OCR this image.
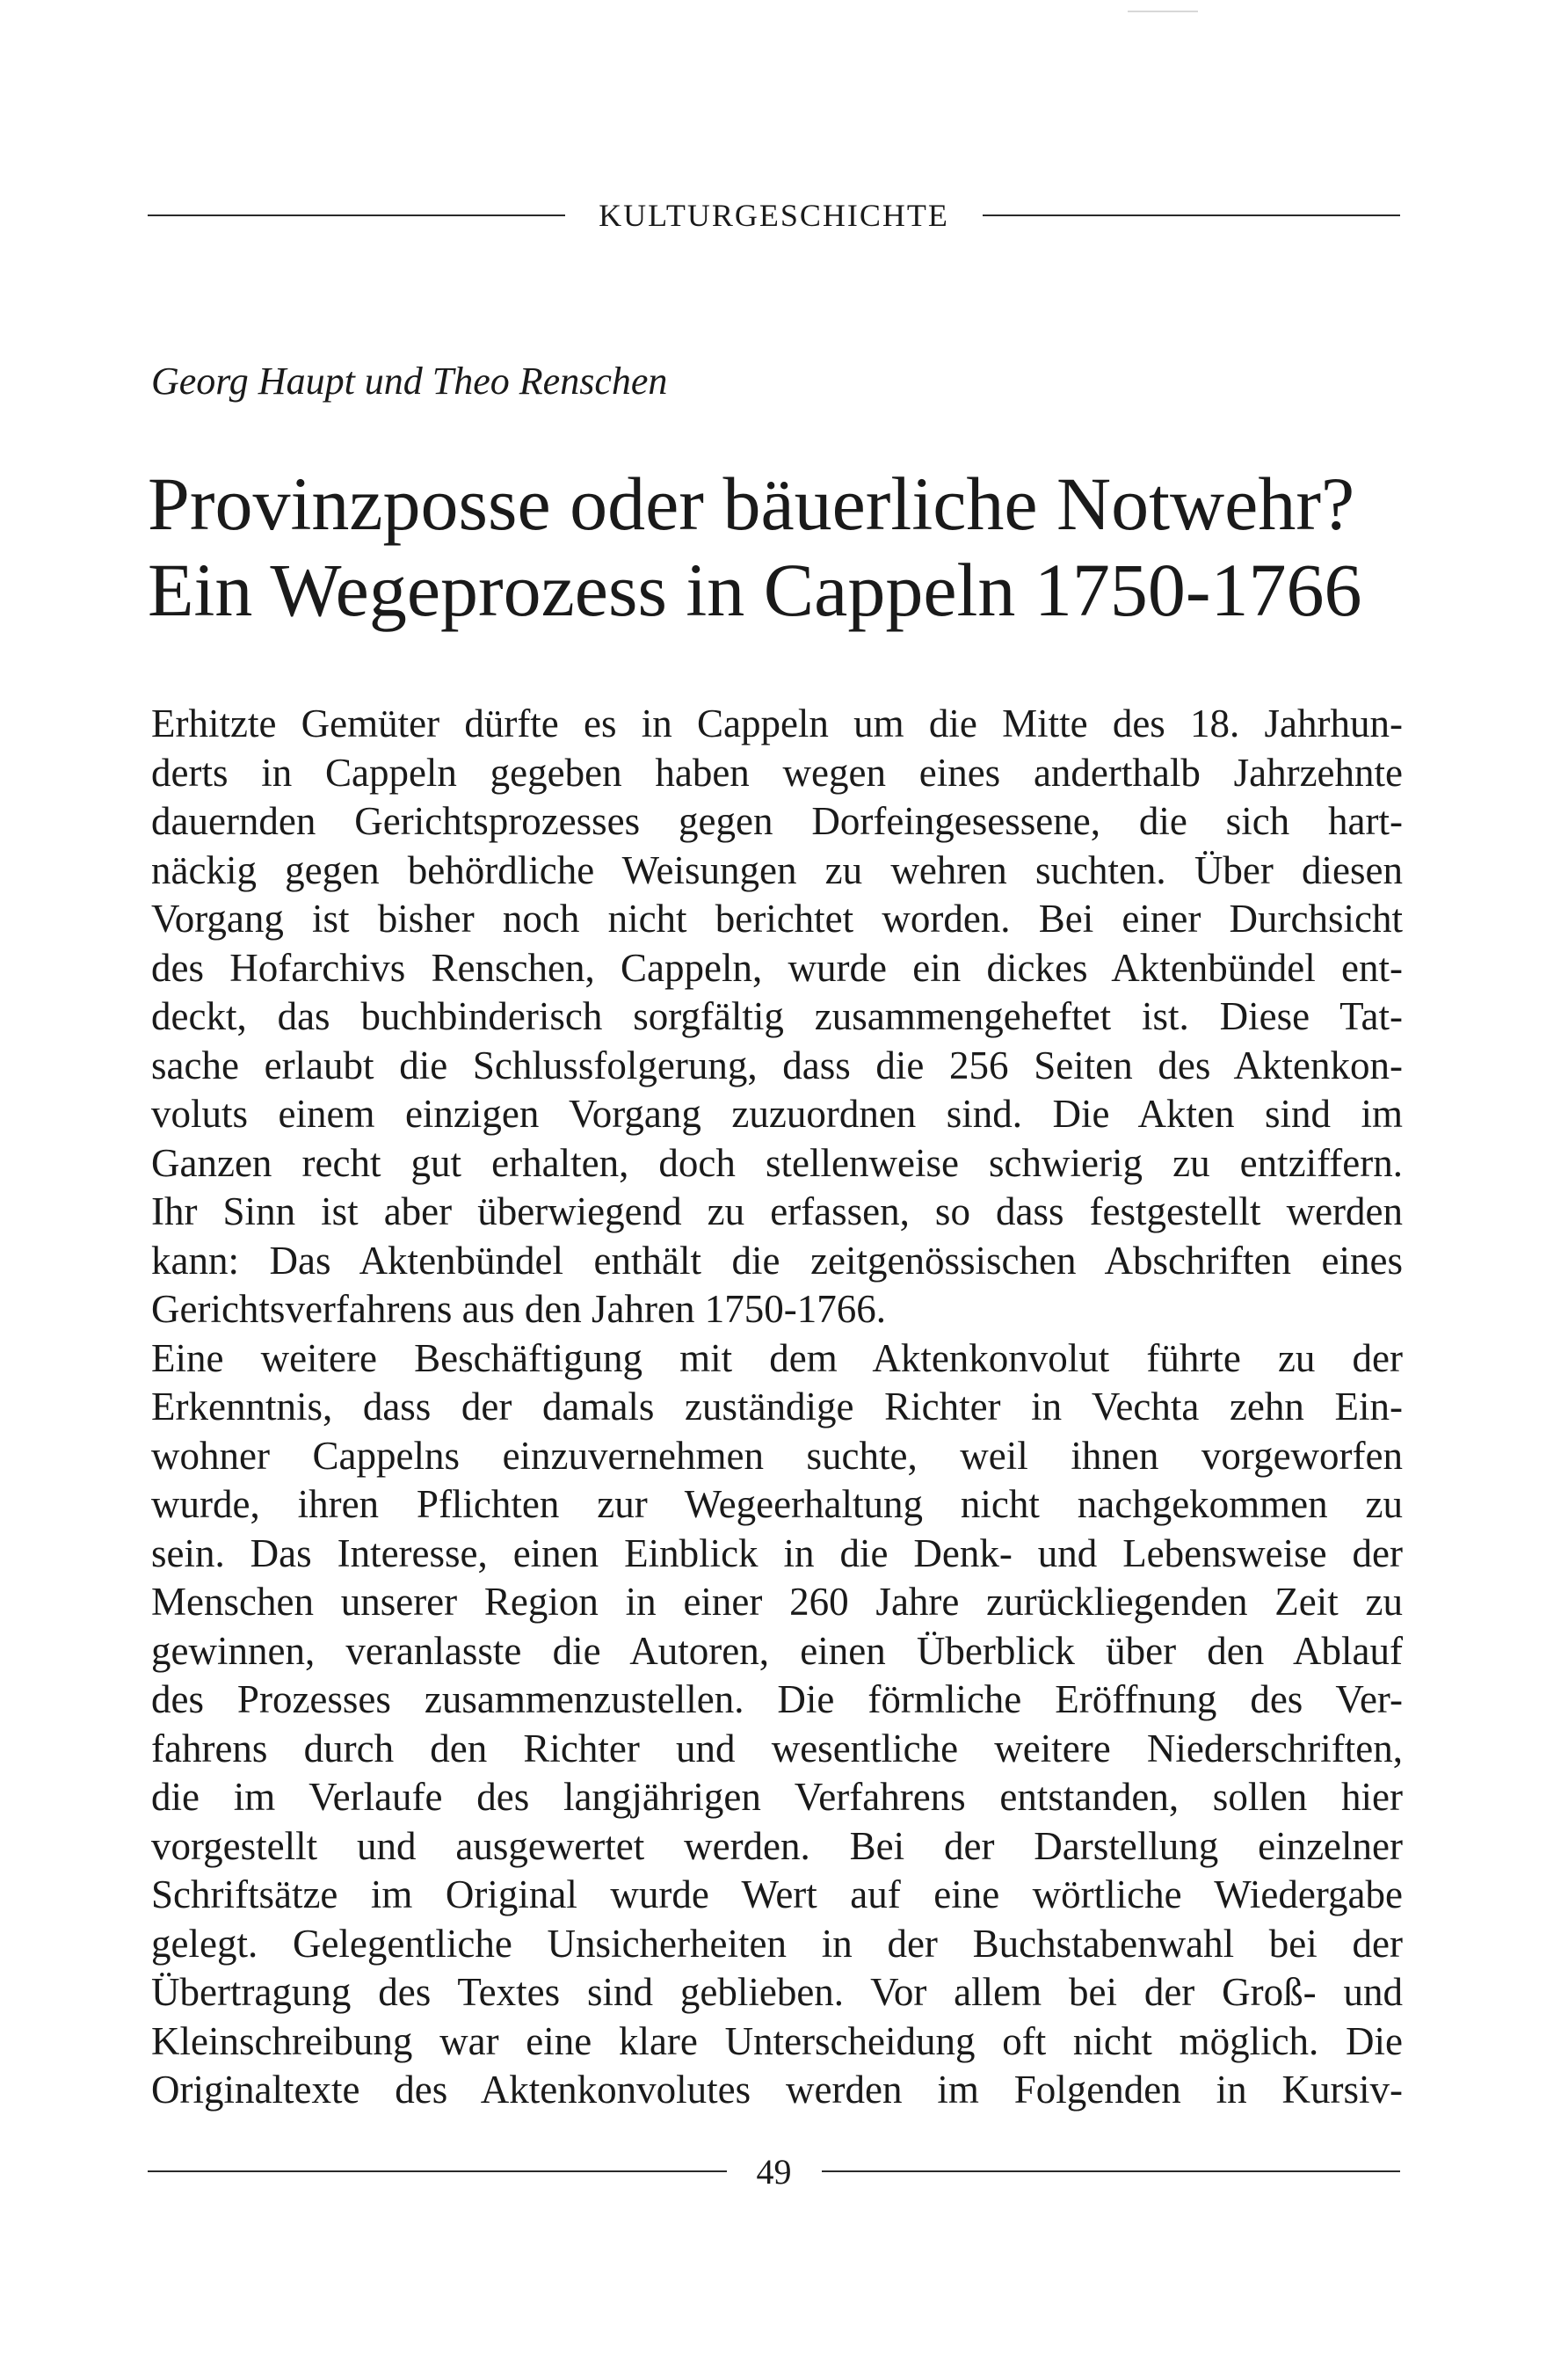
KULTURGESCHICHTE
Georg Haupt und Theo Renschen
Provinzposse oder bäuerliche Notwehr?
Ein Wegeprozess in Cappeln 1750-1766
Erhitzte Gemüter dürfte es in Cappeln um die Mitte des 18. Jahrhun-
derts in Cappeln gegeben haben wegen eines anderthalb Jahrzehnte
dauernden Gerichtsprozesses gegen Dorfeingesessene, die sich hart-
näckig gegen behördliche Weisungen zu wehren suchten. Über diesen
Vorgang ist bisher noch nicht berichtet worden. Bei einer Durchsicht
des Hofarchivs Renschen, Cappeln, wurde ein dickes Aktenbündel ent-
deckt, das buchbinderisch sorgfältig zusammengeheftet ist. Diese Tat-
sache erlaubt die Schlussfolgerung, dass die 256 Seiten des Aktenkon-
voluts einem einzigen Vorgang zuzuordnen sind. Die Akten sind im
Ganzen recht gut erhalten, doch stellenweise schwierig zu entziffern.
Ihr Sinn ist aber überwiegend zu erfassen, so dass festgestellt werden
kann: Das Aktenbündel enthält die zeitgenössischen Abschriften eines
Gerichtsverfahrens aus den Jahren 1750-1766.
Eine weitere Beschäftigung mit dem Aktenkonvolut führte zu der
Erkenntnis, dass der damals zuständige Richter in Vechta zehn Ein-
wohner Cappelns einzuvernehmen suchte, weil ihnen vorgeworfen
wurde, ihren Pflichten zur Wegeerhaltung nicht nachgekommen zu
sein. Das Interesse, einen Einblick in die Denk- und Lebensweise der
Menschen unserer Region in einer 260 Jahre zurückliegenden Zeit zu
gewinnen, veranlasste die Autoren, einen Überblick über den Ablauf
des Prozesses zusammenzustellen. Die förmliche Eröffnung des Ver-
fahrens durch den Richter und wesentliche weitere Niederschriften,
die im Verlaufe des langjährigen Verfahrens entstanden, sollen hier
vorgestellt und ausgewertet werden. Bei der Darstellung einzelner
Schriftsätze im Original wurde Wert auf eine wörtliche Wiedergabe
gelegt. Gelegentliche Unsicherheiten in der Buchstabenwahl bei der
Übertragung des Textes sind geblieben. Vor allem bei der Groß- und
Kleinschreibung war eine klare Unterscheidung oft nicht möglich. Die
Originaltexte des Aktenkonvolutes werden im Folgenden in Kursiv-
49
